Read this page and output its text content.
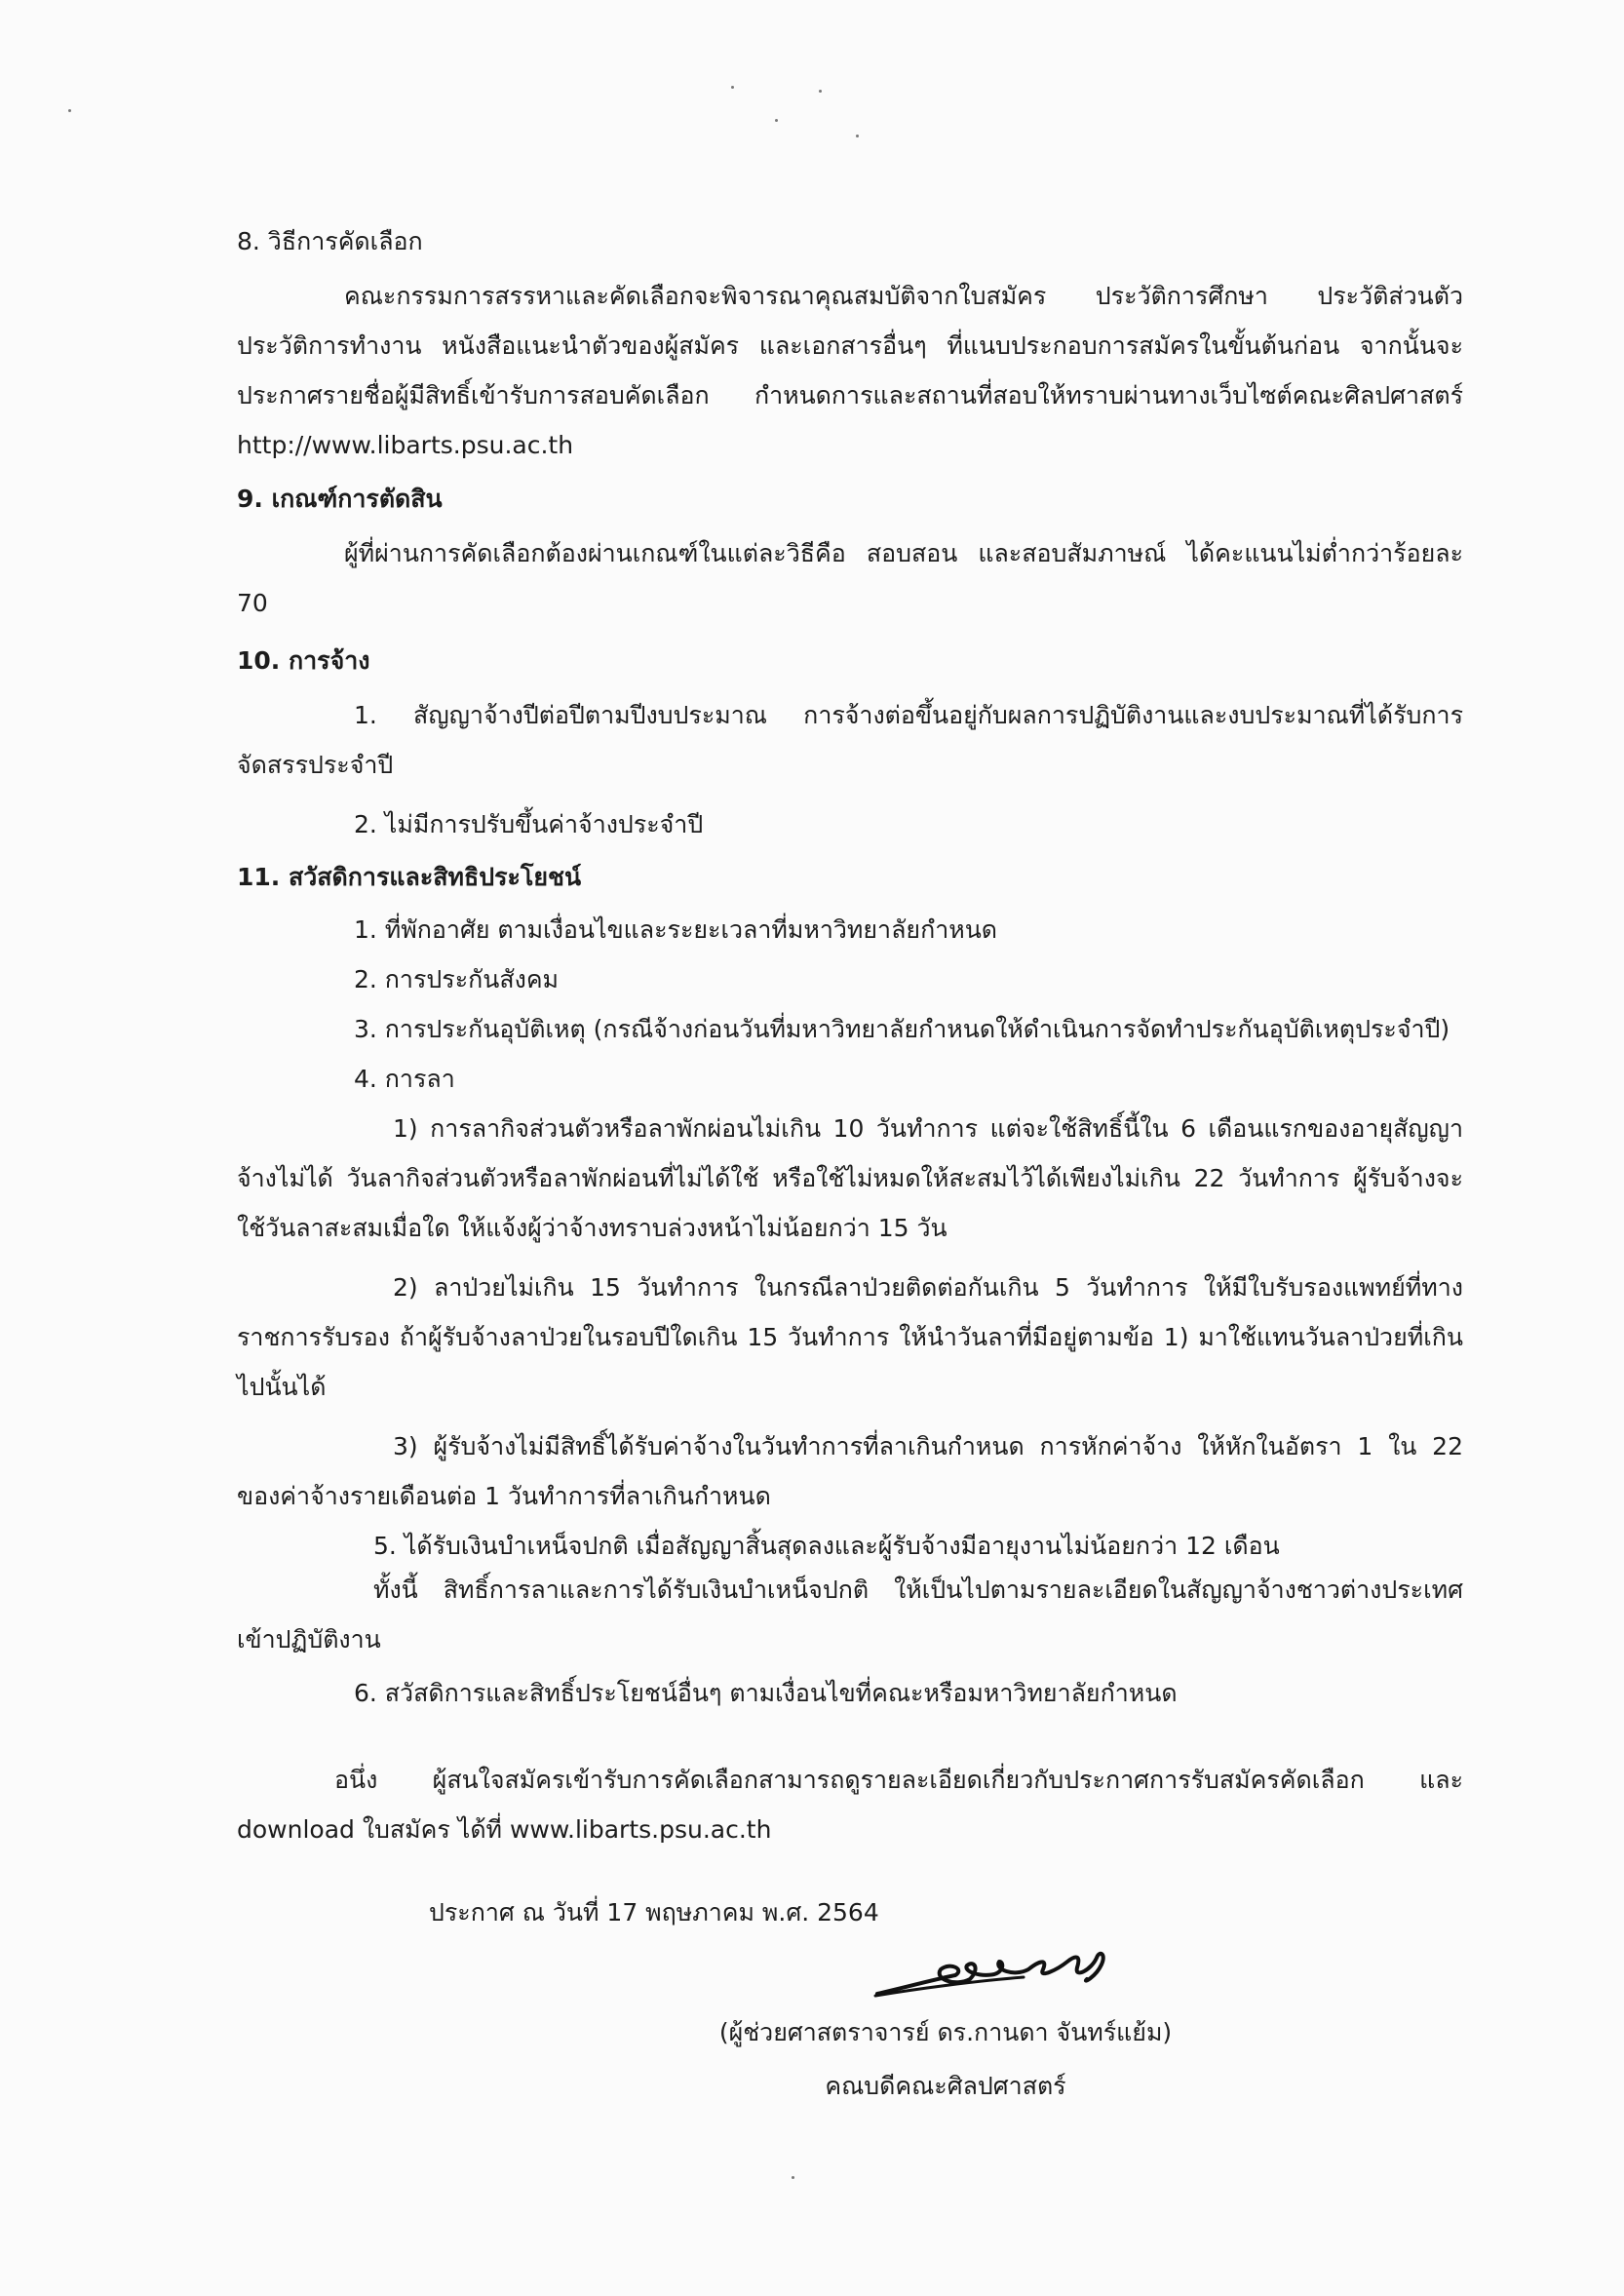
8. วิธีการคัดเลือก

คณะกรรมการสรรหาและคัดเลือกจะพิจารณาคุณสมบัติจากใบสมัคร ประวัติการศึกษา ประวัติส่วนตัว ประวัติการทำงาน หนังสือแนะนำตัวของผู้สมัคร และเอกสารอื่นๆ ที่แนบประกอบการสมัครในขั้นต้นก่อน จากนั้นจะประกาศรายชื่อผู้มีสิทธิ์เข้ารับการสอบคัดเลือก กำหนดการและสถานที่สอบให้ทราบผ่านทางเว็บไซต์คณะศิลปศาสตร์ http://www.libarts.psu.ac.th

9. เกณฑ์การตัดสิน

ผู้ที่ผ่านการคัดเลือกต้องผ่านเกณฑ์ในแต่ละวิธีคือ สอบสอน และสอบสัมภาษณ์ ได้คะแนนไม่ต่ำกว่าร้อยละ 70

10. การจ้าง

1. สัญญาจ้างปีต่อปีตามปีงบประมาณ การจ้างต่อขึ้นอยู่กับผลการปฏิบัติงานและงบประมาณที่ได้รับการจัดสรรประจำปี

2. ไม่มีการปรับขึ้นค่าจ้างประจำปี

11. สวัสดิการและสิทธิประโยชน์

1. ที่พักอาศัย ตามเงื่อนไขและระยะเวลาที่มหาวิทยาลัยกำหนด

2. การประกันสังคม

3. การประกันอุบัติเหตุ (กรณีจ้างก่อนวันที่มหาวิทยาลัยกำหนดให้ดำเนินการจัดทำประกันอุบัติเหตุประจำปี)

4. การลา

1) การลากิจส่วนตัวหรือลาพักผ่อนไม่เกิน 10 วันทำการ แต่จะใช้สิทธิ์นี้ใน 6 เดือนแรกของอายุสัญญาจ้างไม่ได้ วันลากิจส่วนตัวหรือลาพักผ่อนที่ไม่ได้ใช้ หรือใช้ไม่หมดให้สะสมไว้ได้เพียงไม่เกิน 22 วันทำการ ผู้รับจ้างจะใช้วันลาสะสมเมื่อใด ให้แจ้งผู้ว่าจ้างทราบล่วงหน้าไม่น้อยกว่า 15 วัน

2) ลาป่วยไม่เกิน 15 วันทำการ ในกรณีลาป่วยติดต่อกันเกิน 5 วันทำการ ให้มีใบรับรองแพทย์ที่ทางราชการรับรอง ถ้าผู้รับจ้างลาป่วยในรอบปีใดเกิน 15 วันทำการ ให้นำวันลาที่มีอยู่ตามข้อ 1) มาใช้แทนวันลาป่วยที่เกินไปนั้นได้

3) ผู้รับจ้างไม่มีสิทธิ์ได้รับค่าจ้างในวันทำการที่ลาเกินกำหนด การหักค่าจ้าง ให้หักในอัตรา 1 ใน 22 ของค่าจ้างรายเดือนต่อ 1 วันทำการที่ลาเกินกำหนด

5. ได้รับเงินบำเหน็จปกติ เมื่อสัญญาสิ้นสุดลงและผู้รับจ้างมีอายุงานไม่น้อยกว่า 12 เดือน

ทั้งนี้ สิทธิ์การลาและการได้รับเงินบำเหน็จปกติ ให้เป็นไปตามรายละเอียดในสัญญาจ้างชาวต่างประเทศเข้าปฏิบัติงาน

6. สวัสดิการและสิทธิ์ประโยชน์อื่นๆ ตามเงื่อนไขที่คณะหรือมหาวิทยาลัยกำหนด

อนึ่ง ผู้สนใจสมัครเข้ารับการคัดเลือกสามารถดูรายละเอียดเกี่ยวกับประกาศการรับสมัครคัดเลือก และ download ใบสมัคร ได้ที่ www.libarts.psu.ac.th

ประกาศ ณ วันที่ 17 พฤษภาคม พ.ศ. 2564
(ผู้ช่วยศาสตราจารย์ ดร.กานดา จันทร์แย้ม)
คณบดีคณะศิลปศาสตร์
